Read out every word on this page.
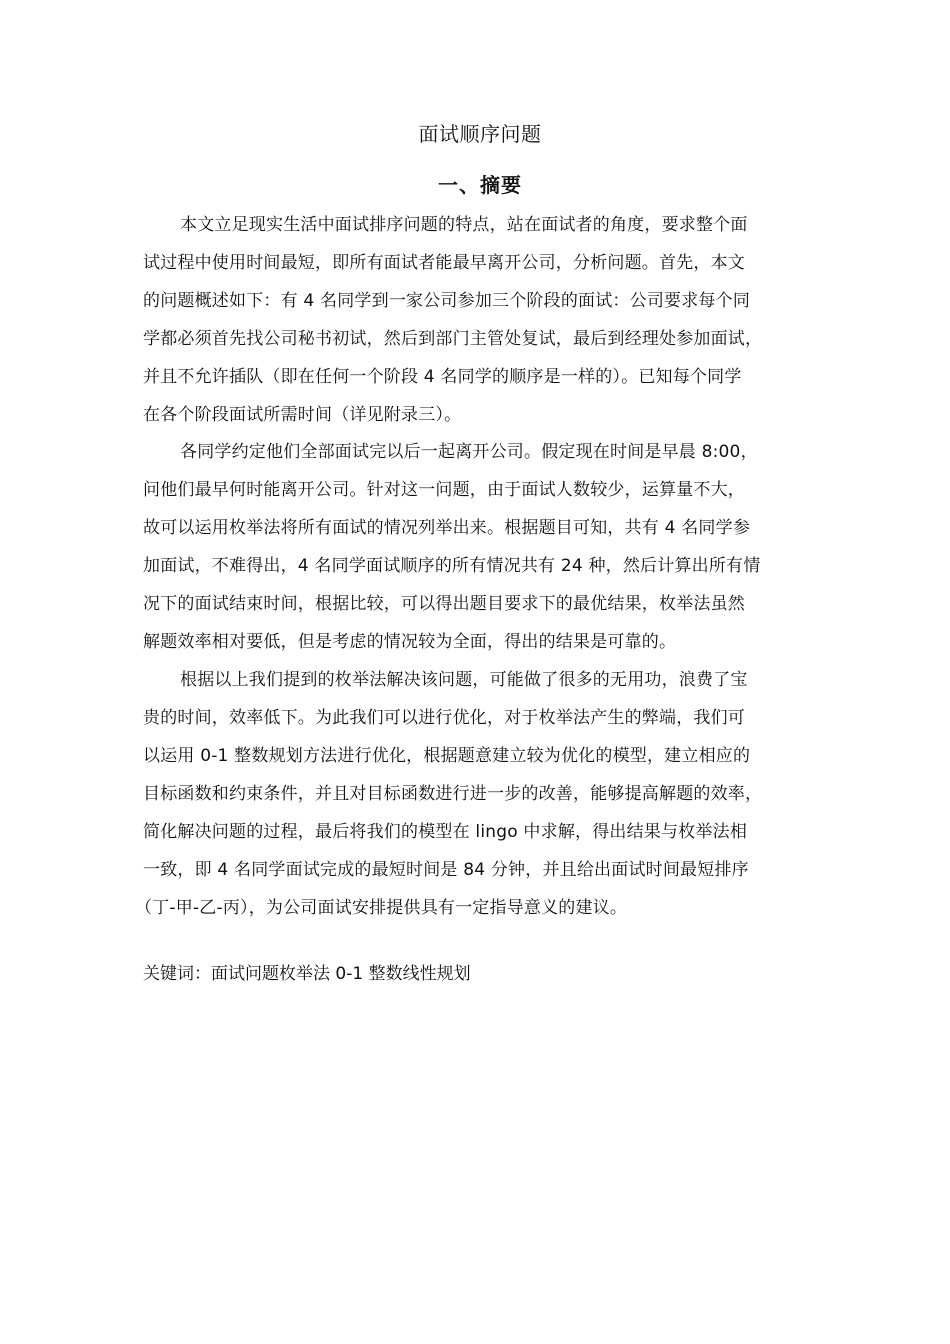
面试顺序问题
一、摘要
本文立足现实生活中面试排序问题的特点，站在面试者的角度，要求整个面
试过程中使用时间最短，即所有面试者能最早离开公司，分析问题。首先，本文
的问题概述如下：有 4 名同学到一家公司参加三个阶段的面试：公司要求每个同
学都必须首先找公司秘书初试，然后到部门主管处复试，最后到经理处参加面试，
并且不允许插队（即在任何一个阶段 4 名同学的顺序是一样的）。已知每个同学
在各个阶段面试所需时间（详见附录三）。
各同学约定他们全部面试完以后一起离开公司。假定现在时间是早晨 8:00，
问他们最早何时能离开公司。针对这一问题，由于面试人数较少，运算量不大，
故可以运用枚举法将所有面试的情况列举出来。根据题目可知，共有 4 名同学参
加面试，不难得出，4 名同学面试顺序的所有情况共有 24 种，然后计算出所有情
况下的面试结束时间，根据比较，可以得出题目要求下的最优结果，枚举法虽然
解题效率相对要低，但是考虑的情况较为全面，得出的结果是可靠的。
根据以上我们提到的枚举法解决该问题，可能做了很多的无用功，浪费了宝
贵的时间，效率低下。为此我们可以进行优化，对于枚举法产生的弊端，我们可
以运用 0-1 整数规划方法进行优化，根据题意建立较为优化的模型，建立相应的
目标函数和约束条件，并且对目标函数进行进一步的改善，能够提高解题的效率，
简化解决问题的过程，最后将我们的模型在 lingo 中求解，得出结果与枚举法相
一致，即 4 名同学面试完成的最短时间是 84 分钟，并且给出面试时间最短排序
（丁-甲-乙-丙），为公司面试安排提供具有一定指导意义的建议。
关键词：面试问题枚举法 0-1 整数线性规划
